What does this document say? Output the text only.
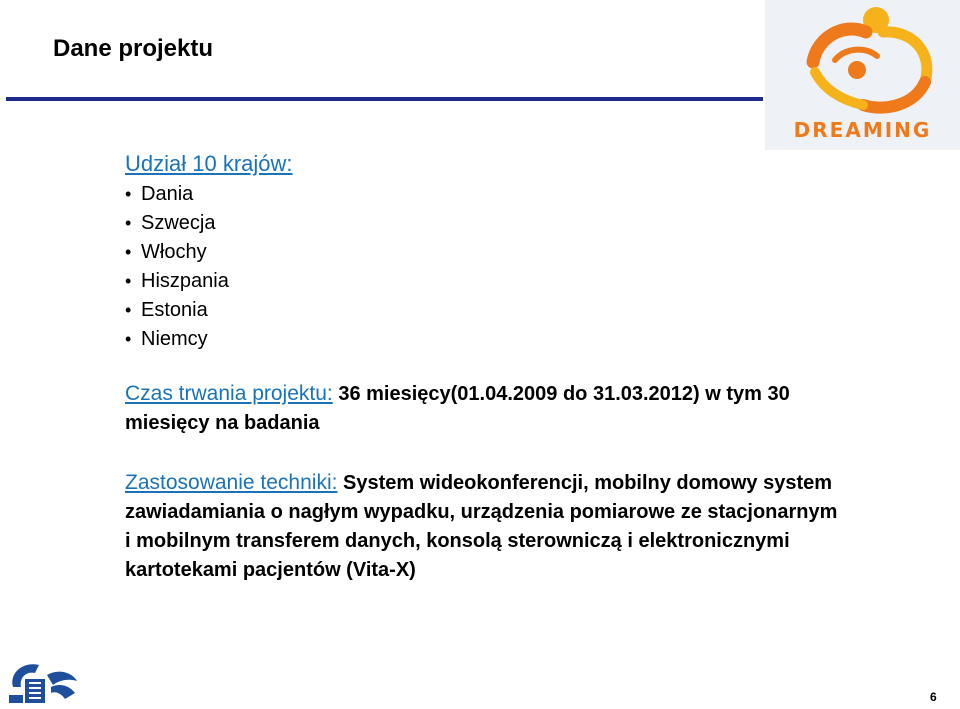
Dane projektu
DREAMING
Udział 10 krajów:
• Dania
• Szwecja
• Włochy
• Hiszpania
• Estonia
• Niemcy
Czas trwania projektu: 36 miesięcy(01.04.2009 do 31.03.2012) w tym 30 miesięcy na badania
Zastosowanie techniki: System wideokonferencji, mobilny domowy system zawiadamiania o nagłym wypadku, urządzenia pomiarowe ze stacjonarnym i mobilnym transferem danych, konsolą sterowniczą i elektronicznymi kartotekami pacjentów (Vita-X)
6
